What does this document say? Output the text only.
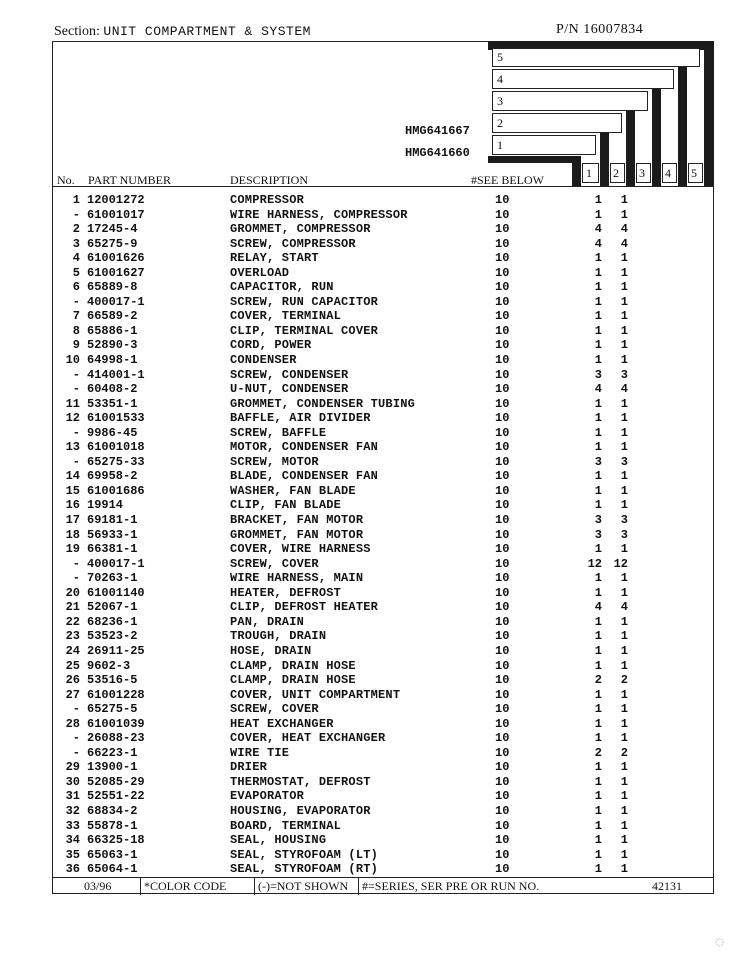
Section: UNIT COMPARTMENT & SYSTEM	P/N 16007834
5
4
3
2
1
1 2 3 4 5
HMG641667
HMG641660
No. PART NUMBER	DESCRIPTION	#SEE BELOW
1 12001272	COMPRESSOR	10	1	1
- 61001017	WIRE HARNESS, COMPRESSOR	10	1	1
2 17245-4	GROMMET, COMPRESSOR	10	4	4
3 65275-9	SCREW, COMPRESSOR	10	4	4
4 61001626	RELAY, START	10	1	1
5 61001627	OVERLOAD	10	1	1
6 65889-8	CAPACITOR, RUN	10	1	1
- 400017-1	SCREW, RUN CAPACITOR	10	1	1
7 66589-2	COVER, TERMINAL	10	1	1
8 65886-1	CLIP, TERMINAL COVER	10	1	1
9 52890-3	CORD, POWER	10	1	1
10 64998-1	CONDENSER	10	1	1
- 414001-1	SCREW, CONDENSER	10	3	3
- 60408-2	U-NUT, CONDENSER	10	4	4
11 53351-1	GROMMET, CONDENSER TUBING	10	1	1
12 61001533	BAFFLE, AIR DIVIDER	10	1	1
- 9986-45	SCREW, BAFFLE	10	1	1
13 61001018	MOTOR, CONDENSER FAN	10	1	1
- 65275-33	SCREW, MOTOR	10	3	3
14 69958-2	BLADE, CONDENSER FAN	10	1	1
15 61001686	WASHER, FAN BLADE	10	1	1
16 19914	CLIP, FAN BLADE	10	1	1
17 69181-1	BRACKET, FAN MOTOR	10	3	3
18 56933-1	GROMMET, FAN MOTOR	10	3	3
19 66381-1	COVER, WIRE HARNESS	10	1	1
- 400017-1	SCREW, COVER	10	12 12
- 70263-1	WIRE HARNESS, MAIN	10	1	1
20 61001140	HEATER, DEFROST	10	1	1
21 52067-1	CLIP, DEFROST HEATER	10	4	4
22 68236-1	PAN, DRAIN	10	1	1
23 53523-2	TROUGH, DRAIN	10	1	1
24 26911-25	HOSE, DRAIN	10	1	1
25 9602-3	CLAMP, DRAIN HOSE	10	1	1
26 53516-5	CLAMP, DRAIN HOSE	10	2	2
27 61001228	COVER, UNIT COMPARTMENT	10	1	1
- 65275-5	SCREW, COVER	10	1	1
28 61001039	HEAT EXCHANGER	10	1	1
- 26088-23	COVER, HEAT EXCHANGER	10	1	1
- 66223-1	WIRE TIE	10	2	2
29 13900-1	DRIER	10	1	1
30 52085-29	THERMOSTAT, DEFROST	10	1	1
31 52551-22	EVAPORATOR	10	1	1
32 68834-2	HOUSING, EVAPORATOR	10	1	1
33 55878-1	BOARD, TERMINAL	10	1	1
34 66325-18	SEAL, HOUSING	10	1	1
35 65063-1	SEAL, STYROFOAM (LT)	10	1	1
36 65064-1	SEAL, STYROFOAM (RT)	10	1	1
03/96	*COLOR CODE	(-)=NOT SHOWN #=SERIES, SER PRE OR RUN NO.	42131
◌
